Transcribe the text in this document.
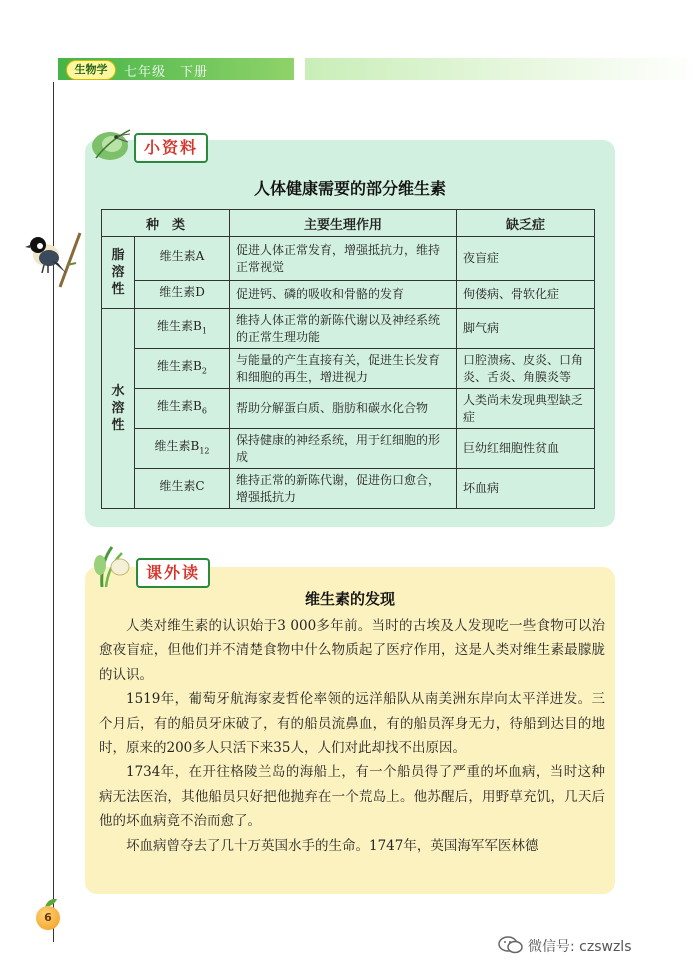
生物学	七年级　下册
小资料
人体健康需要的部分维生素
种　类		主要生理作用	缺乏症

脂溶性	维生素A	促进人体正常发育，增强抵抗力，维持正常视觉	夜盲症
	维生素D	促进钙、磷的吸收和骨骼的发育	佝偻病、骨软化症

水溶性	维生素$B_1$	维持人体正常的新陈代谢以及神经系统的正常生理功能	脚气病
	维生素$B_2$	与能量的产生直接有关，促进生长发育和细胞的再生，增进视力	口腔溃疡、皮炎、口角炎、舌炎、角膜炎等
	维生素$B_6$	帮助分解蛋白质、脂肪和碳水化合物	人类尚未发现典型缺乏症
	维生素$B_{12}$	保持健康的神经系统，用于红细胞的形成	巨幼红细胞性贫血
	维生素C	维持正常的新陈代谢，促进伤口愈合，增强抵抗力	坏血病
课外读
维生素的发现

人类对维生素的认识始于3 000多年前。当时的古埃及人发现吃一些食物可以治愈夜盲症，但他们并不清楚食物中什么物质起了医疗作用，这是人类对维生素最朦胧的认识。

1519年，葡萄牙航海家麦哲伦率领的远洋船队从南美洲东岸向太平洋进发。三个月后，有的船员牙床破了，有的船员流鼻血，有的船员浑身无力，待船到达目的地时，原来的200多人只活下来35人，人们对此却找不出原因。

1734年，在开往格陵兰岛的海船上，有一个船员得了严重的坏血病，当时这种病无法医治，其他船员只好把他抛弃在一个荒岛上。他苏醒后，用野草充饥，几天后他的坏血病竟不治而愈了。

坏血病曾夺去了几十万英国水手的生命。1747年，英国海军军医林德

6
微信号: czswzls
